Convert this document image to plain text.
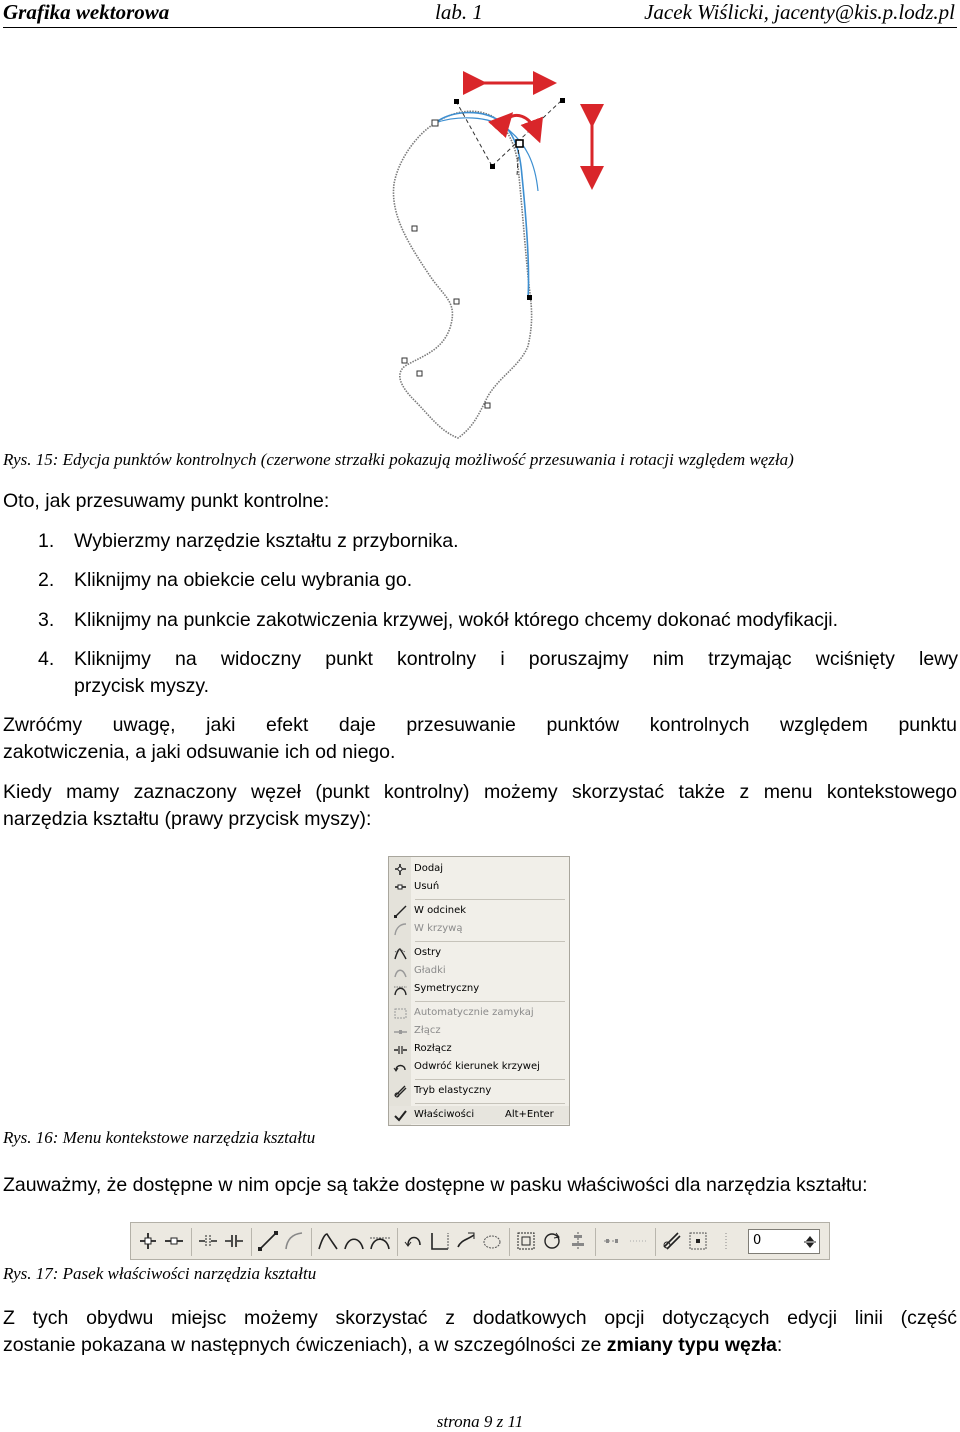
Grafika wektorowa	lab. 1	Jacek Wiślicki, jacenty@kis.p.lodz.pl
Rys. 15: Edycja punktów kontrolnych (czerwone strzałki pokazują możliwość przesuwania i rotacji względem węzła)
Oto, jak przesuwamy punkt kontrolne:
1. Wybierzmy narzędzie kształtu z przybornika.
2. Kliknijmy na obiekcie celu wybrania go.
3. Kliknijmy na punkcie zakotwiczenia krzywej, wokół którego chcemy dokonać modyfikacji.
4. Kliknijmy na widoczny punkt kontrolny i poruszajmy nim trzymając wciśnięty lewy
przycisk myszy.
Zwróćmy uwagę, jaki efekt daje przesuwanie punktów kontrolnych względem punktu
zakotwiczenia, a jaki odsuwanie ich od niego.
Kiedy mamy zaznaczony węzeł (punkt kontrolny) możemy skorzystać także z menu kontekstowego
narzędzia kształtu (prawy przycisk myszy):
Dodaj
Usuń
W odcinek
W krzywą
Ostry
Gładki
Symetryczny
Automatycznie zamykaj
Złącz
Rozłącz
Odwróć kierunek krzywej
Tryb elastyczny
Właściwości	Alt+Enter
Rys. 16: Menu kontekstowe narzędzia kształtu
Zauważmy, że dostępne w nim opcje są także dostępne w pasku właściwości dla narzędzia kształtu:
0
Rys. 17: Pasek właściwości narzędzia kształtu
Z tych obydwu miejsc możemy skorzystać z dodatkowych opcji dotyczących edycji linii (część
zostanie pokazana w następnych ćwiczeniach), a w szczególności ze zmiany typu węzła:
strona 9 z 11
